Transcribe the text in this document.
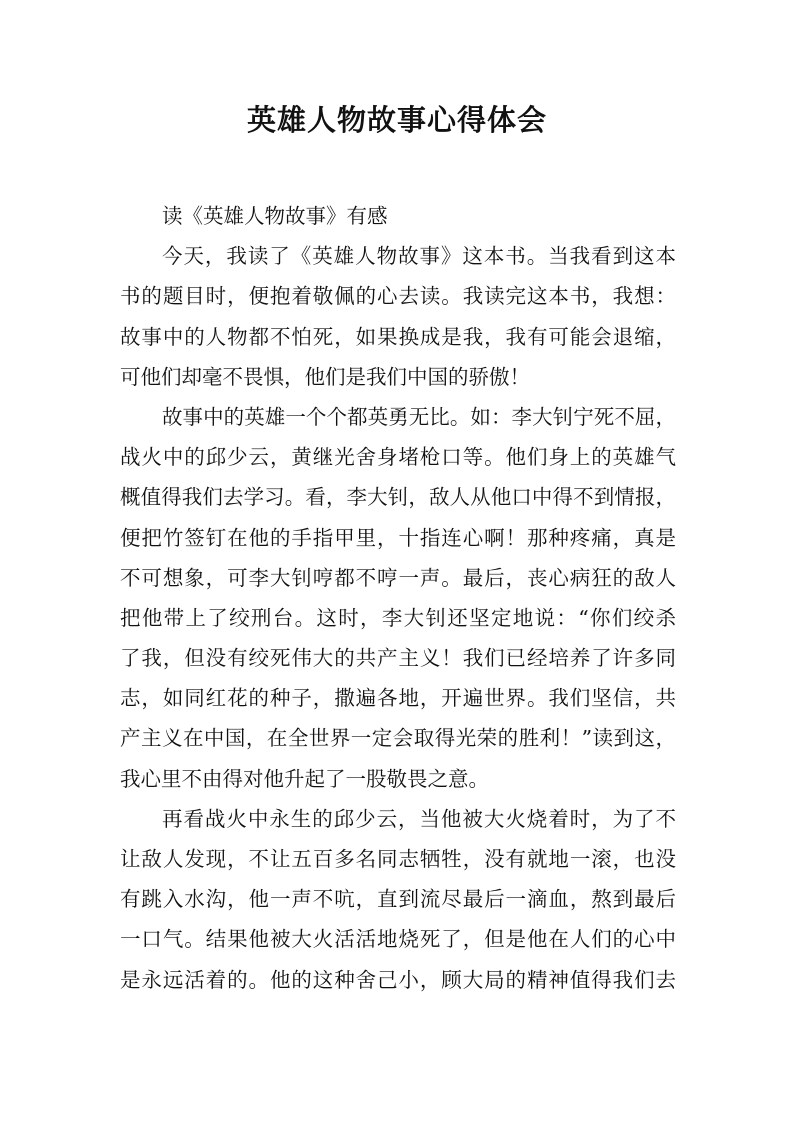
英雄人物故事心得体会
读《英雄人物故事》有感
今天，我读了《英雄人物故事》这本书。当我看到这本
书的题目时，便抱着敬佩的心去读。我读完这本书，我想：
故事中的人物都不怕死，如果换成是我，我有可能会退缩，
可他们却毫不畏惧，他们是我们中国的骄傲！
故事中的英雄一个个都英勇无比。如：李大钊宁死不屈，
战火中的邱少云，黄继光舍身堵枪口等。他们身上的英雄气
概值得我们去学习。看，李大钊，敌人从他口中得不到情报，
便把竹签钉在他的手指甲里，十指连心啊！那种疼痛，真是
不可想象，可李大钊哼都不哼一声。最后，丧心病狂的敌人
把他带上了绞刑台。这时，李大钊还坚定地说：“你们绞杀
了我，但没有绞死伟大的共产主义！我们已经培养了许多同
志，如同红花的种子，撒遍各地，开遍世界。我们坚信，共
产主义在中国，在全世界一定会取得光荣的胜利！”读到这，
我心里不由得对他升起了一股敬畏之意。
再看战火中永生的邱少云，当他被大火烧着时，为了不
让敌人发现，不让五百多名同志牺牲，没有就地一滚，也没
有跳入水沟，他一声不吭，直到流尽最后一滴血，熬到最后
一口气。结果他被大火活活地烧死了，但是他在人们的心中
是永远活着的。他的这种舍己小，顾大局的精神值得我们去
